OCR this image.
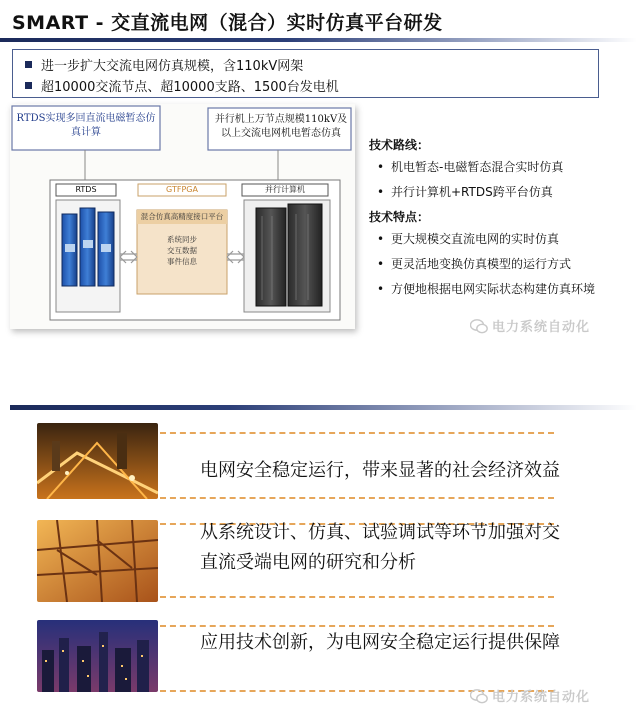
SMART - 交直流电网（混合）实时仿真平台研发
进一步扩大交流电网仿真规模，含110kV网架
超10000交流节点、超10000支路、1500台发电机
RTDS实现多回直流电磁暂态仿
真计算
并行机上万节点规模110kV及
以上交流电网机电暂态仿真
RTDS	GTFPGA	并行计算机
混合仿真高精度接口平台
系统同步
交互数据
事件信息
技术路线：
• 机电暂态-电磁暂态混合实时仿真
• 并行计算机+RTDS跨平台仿真
技术特点：
• 更大规模交直流电网的实时仿真
• 更灵活地变换仿真模型的运行方式
• 方便地根据电网实际状态构建仿真环境
电力系统自动化
电网安全稳定运行，带来显著的社会经济效益
从系统设计、仿真、试验调试等环节加强对交
直流受端电网的研究和分析
应用技术创新，为电网安全稳定运行提供保障
电力系统自动化
